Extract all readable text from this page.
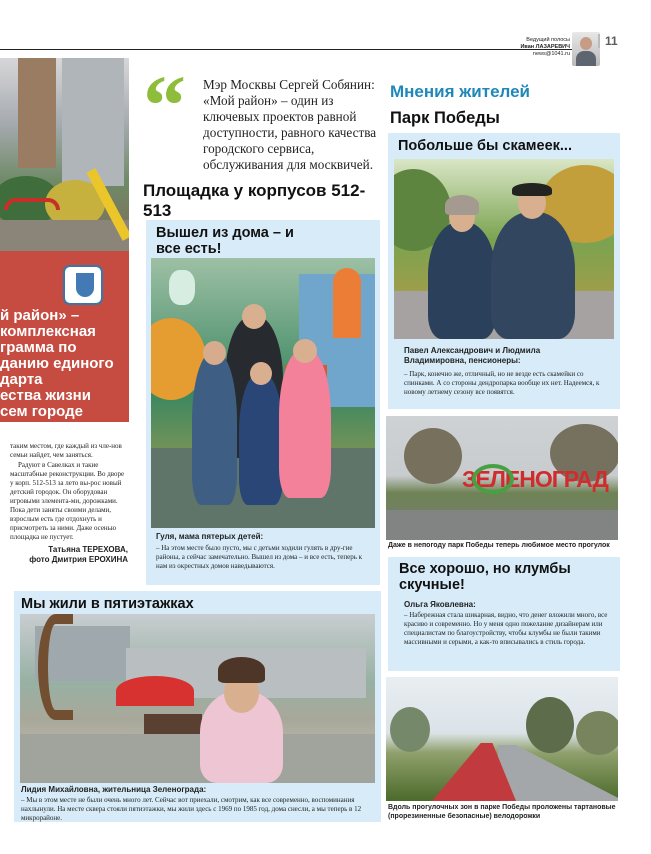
Ведущий полосы
Иван ЛАЗАРЕВИЧ
news@1041.ru
11
й район» –
комплексная
грамма по
данию единого
дарта
ества жизни
сем городе
таким местом, где каждый из чле-нов семьи найдет, чем заняться.
Радуют в Савелках и такие масштабные реконструкции. Во дворе у корп. 512-513 за лето вы-рос новый детский городок. Он оборудован игровыми элемента-ми, дорожками. Пока дети заняты своими делами, взрослым есть где отдохнуть и присмотреть за ними. Даже осенью площадка не пустует.
Татьяна ТЕРЕХОВА,
фото Дмитрия ЕРОХИНА
“	Мэр Москвы Сергей Собянин: «Мой район» – один из ключевых проектов равной доступности, равного качества городского сервиса, обслуживания для москвичей.
Площадка у корпусов 512-513
Вышел из дома – и все есть!
Гуля, мама пятерых детей:
– На этом месте было пусто, мы с детьми ходили гулять в дру-гие районы, а сейчас замечательно. Вышел из дома – и все есть, теперь к нам из окрестных домов наведываются.
Мы жили в пятиэтажках
Лидия Михайловна, жительница Зеленограда:
– Мы в этом месте не были очень много лет. Сейчас вот приехали, смотрим, как все современно, воспоминания нахлынули. На месте сквера стояли пятиэтажки, мы жили здесь с 1969 по 1985 год, дома снесли, а мы теперь в 12 микрорайоне.
Мнения жителей
Парк Победы
Побольше бы скамеек...
Павел Александрович и Людмила Владимировна, пенсионеры:
– Парк, конечно же, отличный, но не везде есть скамейки со спинками. А со стороны дендропарка вообще их нет. Надеемся, к новому летнему сезону все появятся.
ЗЕЛЕНОГРАД
Даже в непогоду парк Победы теперь любимое место прогулок
Все хорошо, но клумбы скучные!
Ольга Яковлевна:
– Набережная стала шикарная, видно, что денег вложили много, все красиво и современно. Но у меня одно пожелание дизайнерам или специалистам по благоустройству, чтобы клумбы не были такими массивными и серыми, а как-то вписывались в стиль города.
Вдоль прогулочных зон в парке Победы проложены тартановые (прорезиненные безопасные) велодорожки
